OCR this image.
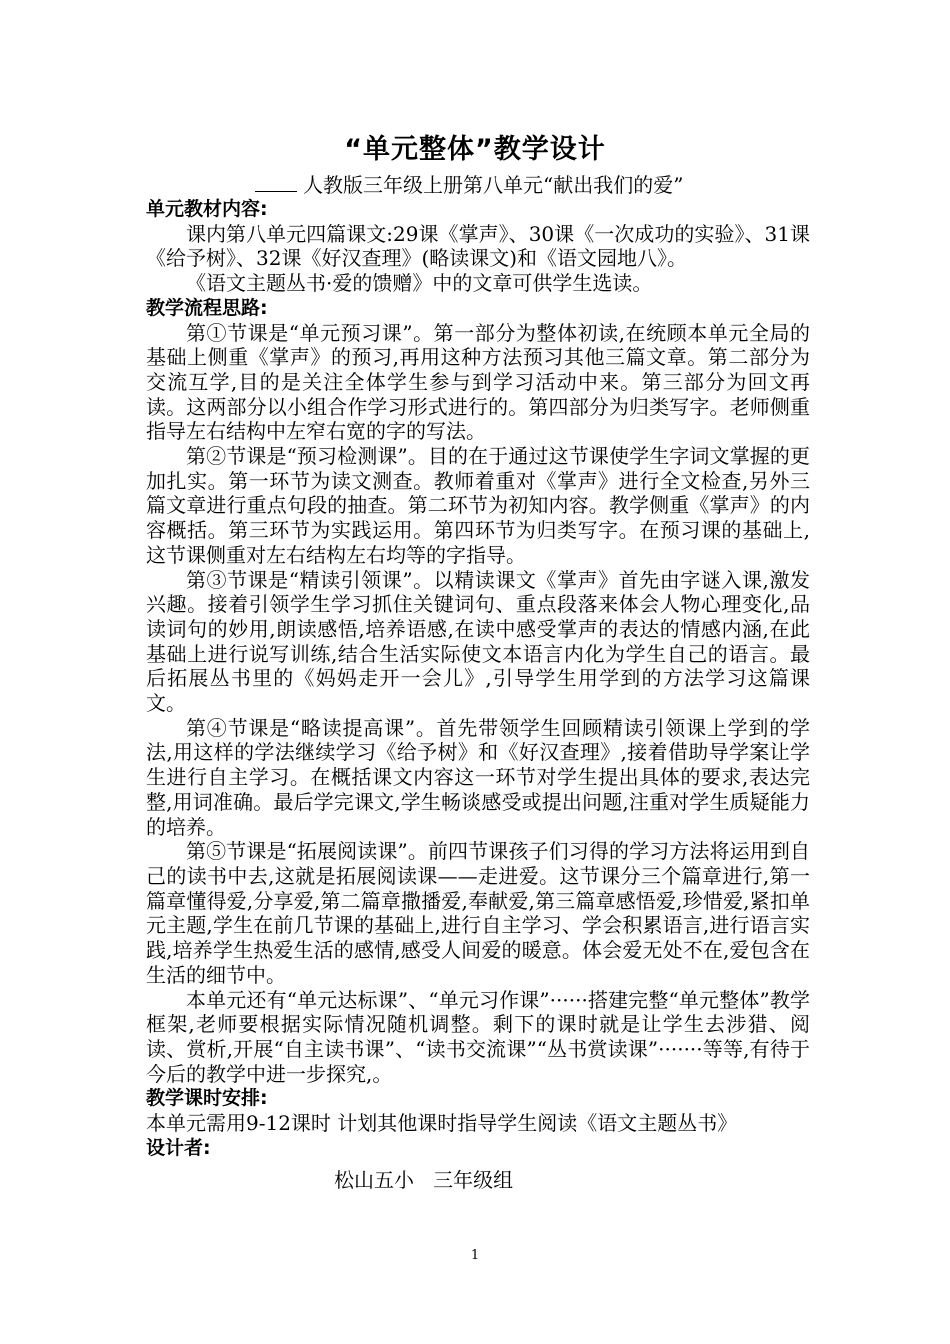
“单元整体”教学设计
人教版三年级上册第八单元“献出我们的爱”
单元教材内容:

课内第八单元四篇课文:29课《掌声》、30课《一次成功的实验》、31课《给予树》、32课《好汉查理》(略读课文)和《语文园地八》。

《语文主题丛书·爱的馈赠》中的文章可供学生选读。

教学流程思路:

第①节课是“单元预习课”。第一部分为整体初读,在统顾本单元全局的基础上侧重《掌声》的预习,再用这种方法预习其他三篇文章。第二部分为交流互学,目的是关注全体学生参与到学习活动中来。第三部分为回文再读。这两部分以小组合作学习形式进行的。第四部分为归类写字。老师侧重指导左右结构中左窄右宽的字的写法。

第②节课是“预习检测课”。目的在于通过这节课使学生字词文掌握的更加扎实。第一环节为读文测查。教师着重对《掌声》进行全文检查,另外三篇文章进行重点句段的抽查。第二环节为初知内容。教学侧重《掌声》的内容概括。第三环节为实践运用。第四环节为归类写字。在预习课的基础上,这节课侧重对左右结构左右均等的字指导。

第③节课是“精读引领课”。以精读课文《掌声》首先由字谜入课,激发兴趣。接着引领学生学习抓住关键词句、重点段落来体会人物心理变化,品读词句的妙用,朗读感悟,培养语感,在读中感受掌声的表达的情感内涵,在此基础上进行说写训练,结合生活实际使文本语言内化为学生自己的语言。最后拓展丛书里的《妈妈走开一会儿》,引导学生用学到的方法学习这篇课文。

第④节课是“略读提高课”。首先带领学生回顾精读引领课上学到的学法,用这样的学法继续学习《给予树》和《好汉查理》,接着借助导学案让学生进行自主学习。在概括课文内容这一环节对学生提出具体的要求,表达完整,用词准确。最后学完课文,学生畅谈感受或提出问题,注重对学生质疑能力的培养。

第⑤节课是“拓展阅读课”。前四节课孩子们习得的学习方法将运用到自己的读书中去,这就是拓展阅读课——走进爱。这节课分三个篇章进行,第一篇章懂得爱,分享爱,第二篇章撒播爱,奉献爱,第三篇章感悟爱,珍惜爱,紧扣单元主题,学生在前几节课的基础上,进行自主学习、学会积累语言,进行语言实践,培养学生热爱生活的感情,感受人间爱的暖意。体会爱无处不在,爱包含在生活的细节中。

本单元还有“单元达标课”、“单元习作课”······搭建完整“单元整体”教学框架,老师要根据实际情况随机调整。剩下的课时就是让学生去涉猎、阅读、赏析,开展“自主读书课”、“读书交流课”“丛书赏读课”·······等等,有待于今后的教学中进一步探究,。

教学课时安排:

本单元需用9-12课时 计划其他课时指导学生阅读《语文主题丛书》

设计者:

松山五小   三年级组

1
